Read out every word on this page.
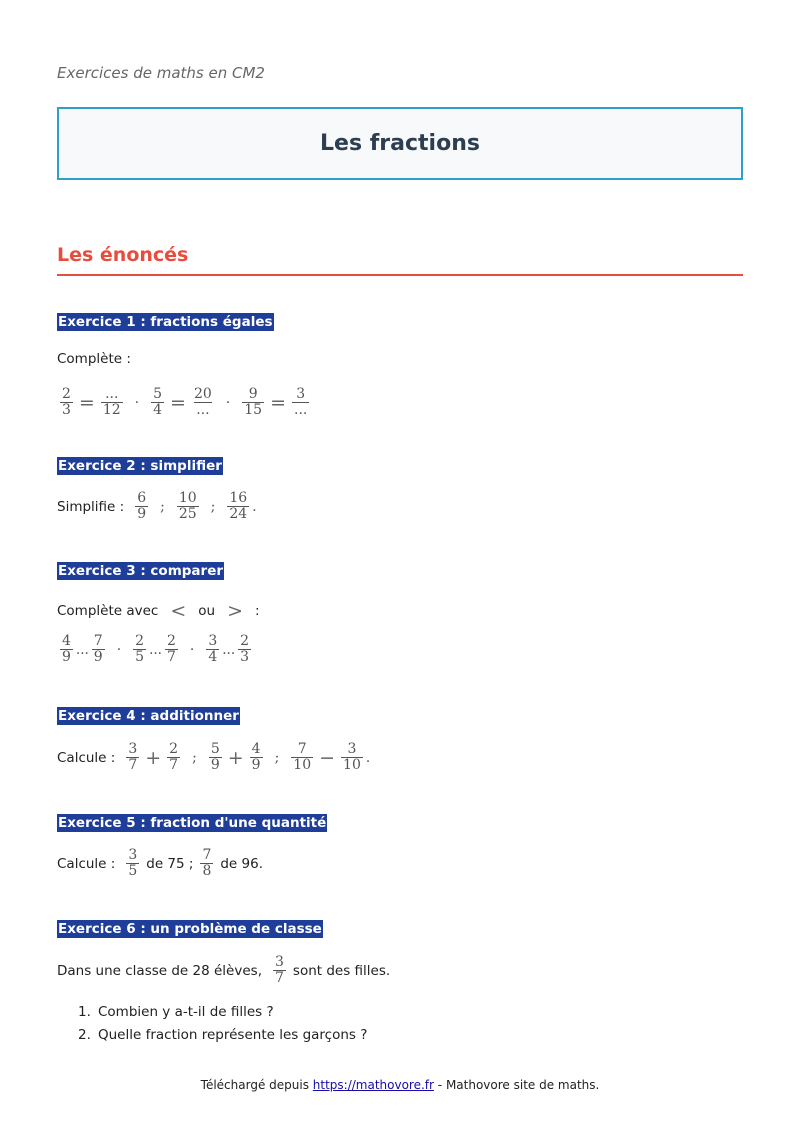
Exercices de maths en CM2
Les fractions
Les énoncés
Exercice 1 : fractions égales
Complète :
$\frac{2}{3} = \frac{...}{12} \cdot \frac{5}{4} = \frac{20}{...} \cdot \frac{9}{15} = \frac{3}{...}$
Exercice 2 : simplifier
Simplifie : $\frac{6}{9}$ ; $\frac{10}{25}$ ; $\frac{16}{24}$ .
Exercice 3 : comparer
Complète avec < ou > :
$\frac{4}{9}$ ... $\frac{7}{9} \cdot \frac{2}{5}$ ... $\frac{2}{7} \cdot \frac{3}{4}$ ... $\frac{2}{3}$
Exercice 4 : additionner
Calcule : $\frac{3}{7} + \frac{2}{7}$ ; $\frac{5}{9} + \frac{4}{9}$ ; $\frac{7}{10} - \frac{3}{10}$ .
Exercice 5 : fraction d'une quantité
Calcule : $\frac{3}{5}$ de 75 ; $\frac{7}{8}$ de 96.
Exercice 6 : un problème de classe
Dans une classe de 28 élèves, $\frac{3}{7}$ sont des filles.
1. Combien y a-t-il de filles ?
2. Quelle fraction représente les garçons ?
Téléchargé depuis https://mathovore.fr - Mathovore site de maths.
